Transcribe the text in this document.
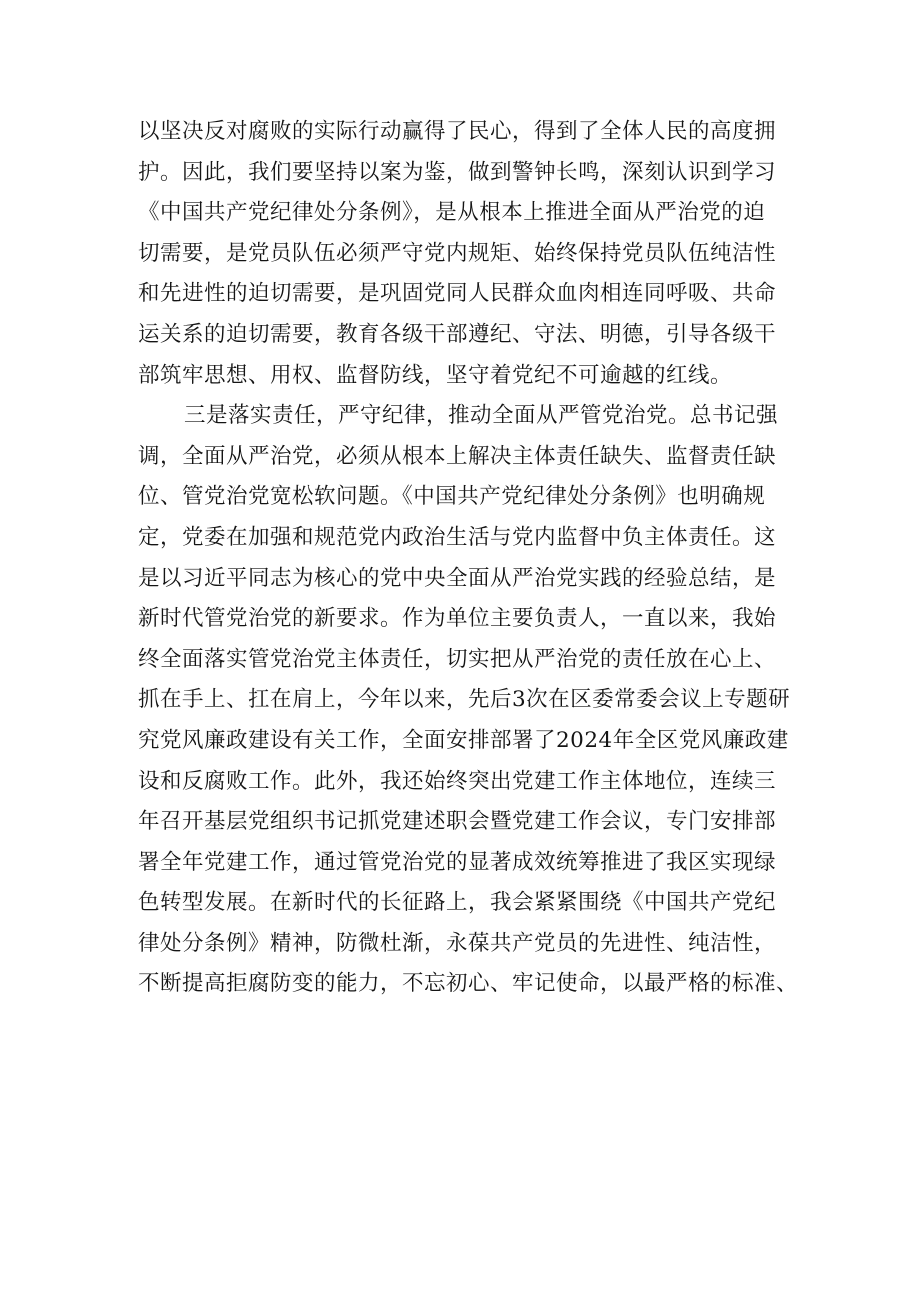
以坚决反对腐败的实际行动赢得了民心，得到了全体人民的高度拥
护。因此，我们要坚持以案为鉴，做到警钟长鸣，深刻认识到学习
《中国共产党纪律处分条例》，是从根本上推进全面从严治党的迫
切需要，是党员队伍必须严守党内规矩、始终保持党员队伍纯洁性
和先进性的迫切需要，是巩固党同人民群众血肉相连同呼吸、共命
运关系的迫切需要，教育各级干部遵纪、守法、明德，引导各级干
部筑牢思想、用权、监督防线，坚守着党纪不可逾越的红线。
三是落实责任，严守纪律，推动全面从严管党治党。总书记强
调，全面从严治党，必须从根本上解决主体责任缺失、监督责任缺
位、管党治党宽松软问题。《中国共产党纪律处分条例》也明确规
定，党委在加强和规范党内政治生活与党内监督中负主体责任。这
是以习近平同志为核心的党中央全面从严治党实践的经验总结，是
新时代管党治党的新要求。作为单位主要负责人，一直以来，我始
终全面落实管党治党主体责任，切实把从严治党的责任放在心上、
抓在手上、扛在肩上，今年以来，先后3次在区委常委会议上专题研
究党风廉政建设有关工作，全面安排部署了2024年全区党风廉政建
设和反腐败工作。此外，我还始终突出党建工作主体地位，连续三
年召开基层党组织书记抓党建述职会暨党建工作会议，专门安排部
署全年党建工作，通过管党治党的显著成效统筹推进了我区实现绿
色转型发展。在新时代的长征路上，我会紧紧围绕《中国共产党纪
律处分条例》精神，防微杜渐，永葆共产党员的先进性、纯洁性，
不断提高拒腐防变的能力，不忘初心、牢记使命，以最严格的标准、
